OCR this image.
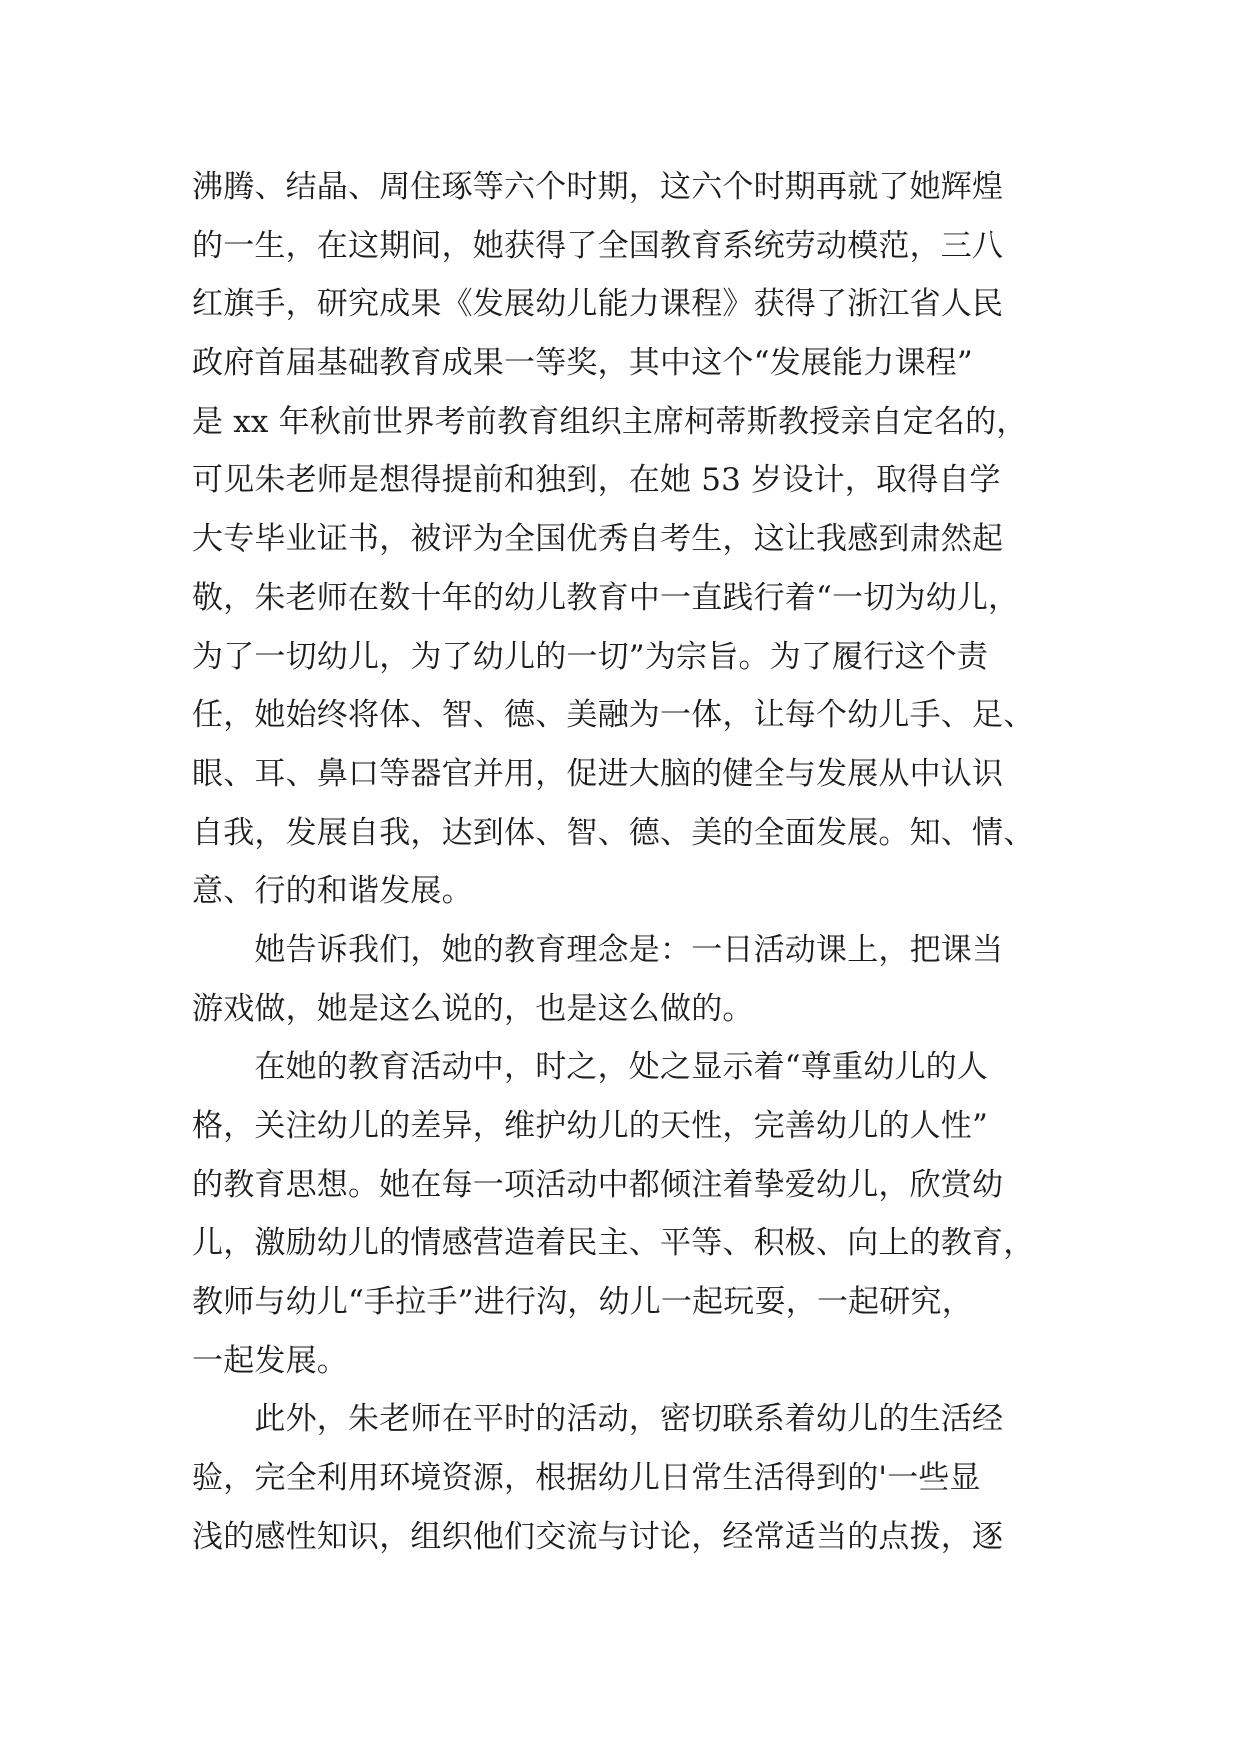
沸腾、结晶、周住琢等六个时期，这六个时期再就了她辉煌
的一生，在这期间，她获得了全国教育系统劳动模范，三八
红旗手，研究成果《发展幼儿能力课程》获得了浙江省人民
政府首届基础教育成果一等奖，其中这个“发展能力课程”
是 xx 年秋前世界考前教育组织主席柯蒂斯教授亲自定名的，
可见朱老师是想得提前和独到，在她 53 岁设计，取得自学
大专毕业证书，被评为全国优秀自考生，这让我感到肃然起
敬，朱老师在数十年的幼儿教育中一直践行着“一切为幼儿，
为了一切幼儿，为了幼儿的一切”为宗旨。为了履行这个责
任，她始终将体、智、德、美融为一体，让每个幼儿手、足、
眼、耳、鼻口等器官并用，促进大脑的健全与发展从中认识
自我，发展自我，达到体、智、德、美的全面发展。知、情、
意、行的和谐发展。
　　她告诉我们，她的教育理念是：一日活动课上，把课当
游戏做，她是这么说的，也是这么做的。
　　在她的教育活动中，时之，处之显示着“尊重幼儿的人
格，关注幼儿的差异，维护幼儿的天性，完善幼儿的人性”
的教育思想。她在每一项活动中都倾注着挚爱幼儿，欣赏幼
儿，激励幼儿的情感营造着民主、平等、积极、向上的教育，
教师与幼儿“手拉手”进行沟，幼儿一起玩耍，一起研究，
一起发展。
　　此外，朱老师在平时的活动，密切联系着幼儿的生活经
验，完全利用环境资源，根据幼儿日常生活得到的'一些显
浅的感性知识，组织他们交流与讨论，经常适当的点拨，逐
